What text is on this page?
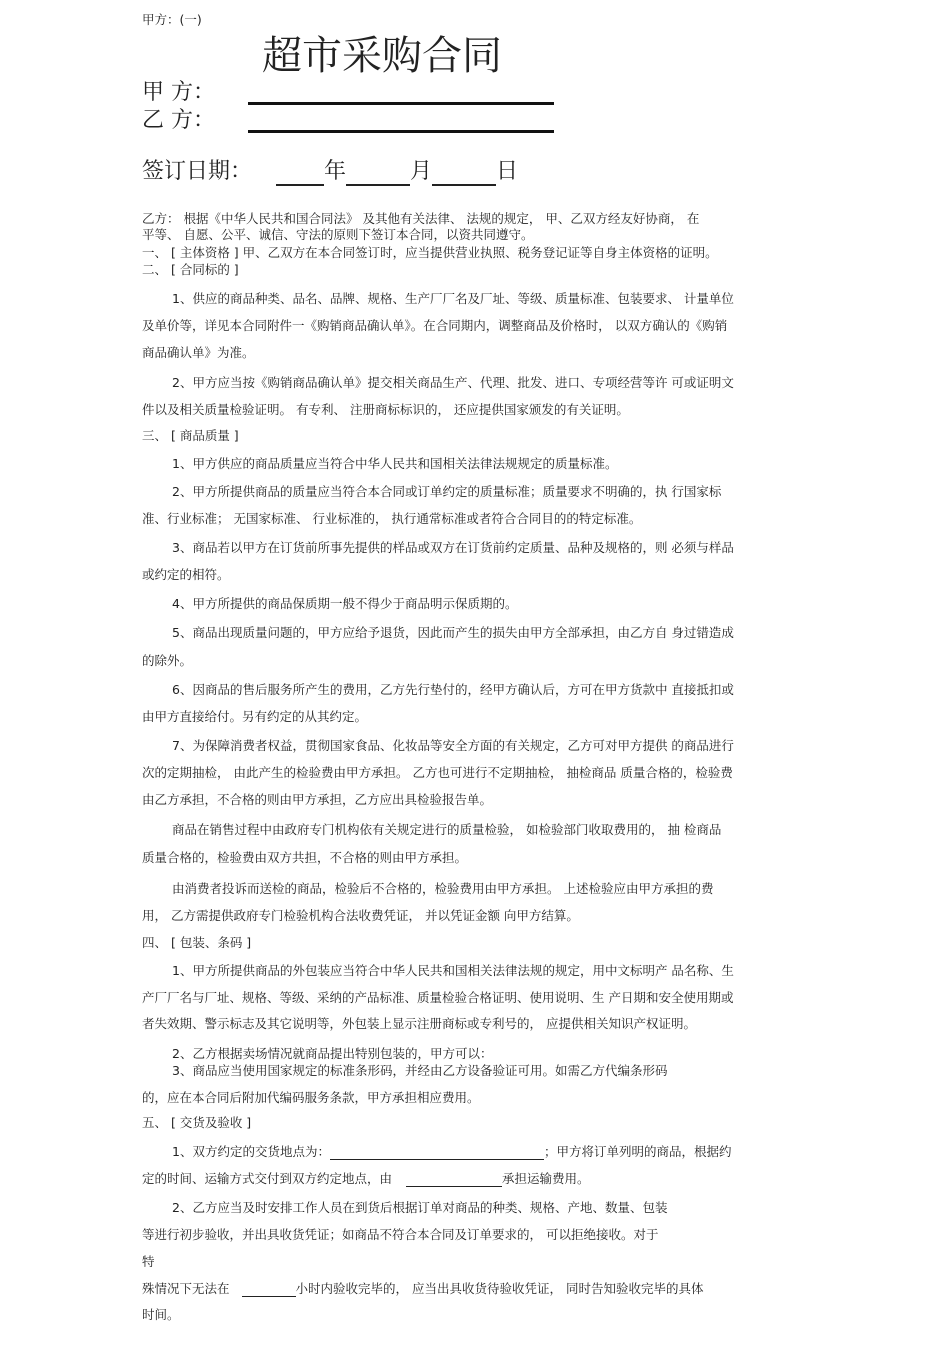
甲方：(一)
超市采购合同
甲 方：
乙 方：
签订日期：	年	月	日
乙方： 根据《中华人民共和国合同法》 及其他有关法律、 法规的规定， 甲、乙双方经友好协商， 在
平等、 自愿、公平、诚信、守法的原则下签订本合同，以资共同遵守。
一、 [ 主体资格 ] 甲、乙双方在本合同签订时，应当提供营业执照、税务登记证等自身主体资格的证明。
二、 [ 合同标的 ]
1、供应的商品种类、品名、品牌、规格、生产厂厂名及厂址、等级、质量标准、包装要求、 计量单位
及单价等，详见本合同附件一《购销商品确认单》。在合同期内，调整商品及价格时， 以双方确认的《购销
商品确认单》为准。
2、甲方应当按《购销商品确认单》提交相关商品生产、代理、批发、进口、专项经营等许 可或证明文
件以及相关质量检验证明。 有专利、 注册商标标识的， 还应提供国家颁发的有关证明。
三、 [ 商品质量 ]
1、甲方供应的商品质量应当符合中华人民共和国相关法律法规规定的质量标准。
2、甲方所提供商品的质量应当符合本合同或订单约定的质量标准；质量要求不明确的，执 行国家标
准、行业标准； 无国家标准、 行业标准的， 执行通常标准或者符合合同目的的特定标准。
3、商品若以甲方在订货前所事先提供的样品或双方在订货前约定质量、品种及规格的，则 必须与样品
或约定的相符。
4、甲方所提供的商品保质期一般不得少于商品明示保质期的。
5、商品出现质量问题的，甲方应给予退货，因此而产生的损失由甲方全部承担，由乙方自 身过错造成
的除外。
6、因商品的售后服务所产生的费用，乙方先行垫付的，经甲方确认后，方可在甲方货款中 直接抵扣或
由甲方直接给付。另有约定的从其约定。
7、为保障消费者权益，贯彻国家食品、化妆品等安全方面的有关规定，乙方可对甲方提供 的商品进行
次的定期抽检， 由此产生的检验费由甲方承担。 乙方也可进行不定期抽检， 抽检商品 质量合格的，检验费
由乙方承担，不合格的则由甲方承担，乙方应出具检验报告单。
商品在销售过程中由政府专门机构依有关规定进行的质量检验， 如检验部门收取费用的， 抽 检商品
质量合格的，检验费由双方共担，不合格的则由甲方承担。
由消费者投诉而送检的商品，检验后不合格的，检验费用由甲方承担。 上述检验应由甲方承担的费
用， 乙方需提供政府专门检验机构合法收费凭证， 并以凭证金额 向甲方结算。
四、 [ 包装、条码 ]
1、甲方所提供商品的外包装应当符合中华人民共和国相关法律法规的规定，用中文标明产 品名称、生
产厂厂名与厂址、规格、等级、采纳的产品标准、质量检验合格证明、使用说明、生 产日期和安全使用期或
者失效期、警示标志及其它说明等，外包装上显示注册商标或专利号的， 应提供相关知识产权证明。
2、乙方根据卖场情况就商品提出特别包装的，甲方可以：
3、商品应当使用国家规定的标准条形码，并经由乙方设备验证可用。如需乙方代编条形码
的，应在本合同后附加代编码服务条款，甲方承担相应费用。
五、 [ 交货及验收 ]
1、双方约定的交货地点为：	；甲方将订单列明的商品，根据约
定的时间、运输方式交付到双方约定地点，由	承担运输费用。
2、乙方应当及时安排工作人员在到货后根据订单对商品的种类、规格、产地、数量、包装
等进行初步验收，并出具收货凭证；如商品不符合本合同及订单要求的， 可以拒绝接收。对于
特
殊情况下无法在	小时内验收完毕的， 应当出具收货待验收凭证， 同时告知验收完毕的具体
时间。
